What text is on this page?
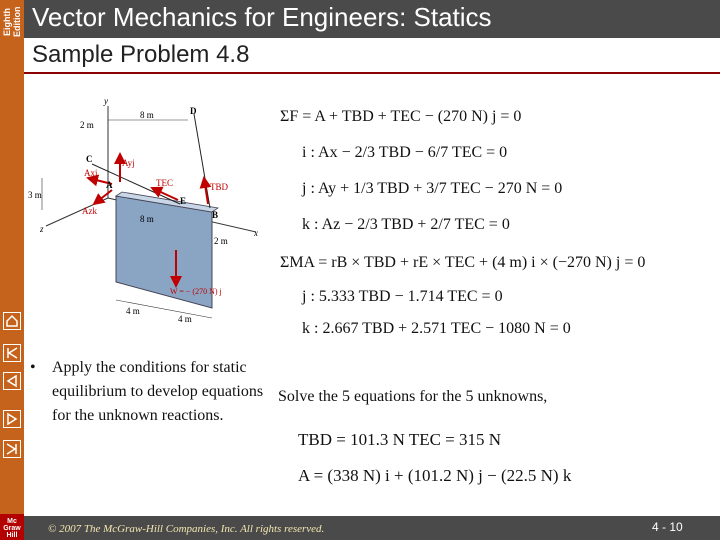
Eighth Edition Vector Mechanics for Engineers: Statics
Sample Problem 4.8
Mc
Graw
Hill
y
x
z
8 m
2 m
3 m
8 m
2 m
4 m
4 m
D
C
E
B
A
Ayj
Axi
Azk
TEC	TBD
W = − (270 N) j
ΣF = A + TBD + TEC − (270 N) j = 0
i : Ax − 2/3 TBD − 6/7 TEC = 0
j : Ay + 1/3 TBD + 3/7 TEC − 270 N = 0
k : Az − 2/3 TBD + 2/7 TEC = 0
ΣMA = rB × TBD + rE × TEC + (4 m) i × (−270 N) j = 0
j : 5.333 TBD − 1.714 TEC = 0
k : 2.667 TBD + 2.571 TEC − 1080 N = 0
• Apply the conditions for static equilibrium to develop equations for the unknown reactions.
Solve the 5 equations for the 5 unknowns,
TBD = 101.3 N TEC = 315 N
A = (338 N) i + (101.2 N) j − (22.5 N) k
© 2007 The McGraw-Hill Companies, Inc. All rights reserved.	4 - 10
